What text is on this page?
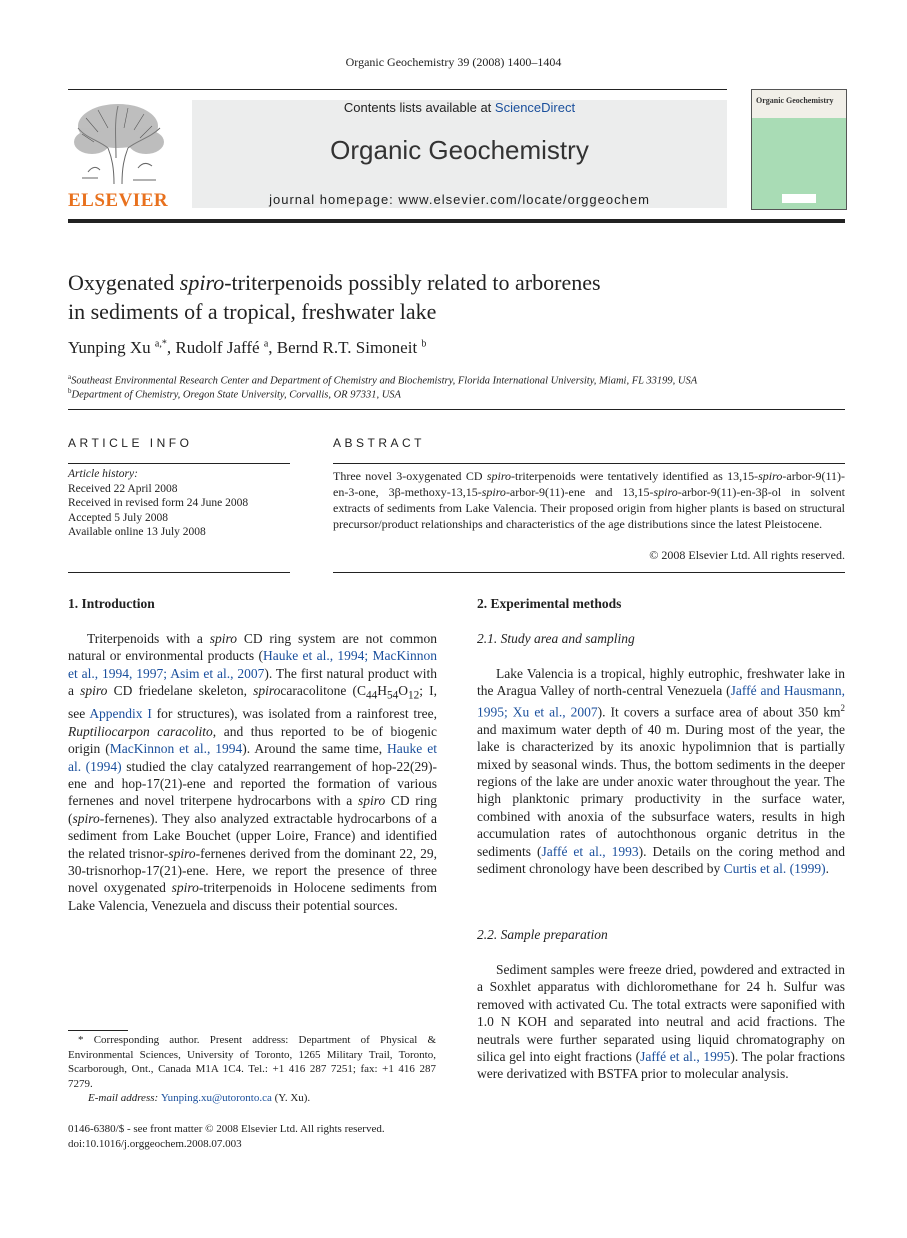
Organic Geochemistry 39 (2008) 1400–1404
ELSEVIER
Contents lists available at ScienceDirect
Organic Geochemistry
journal homepage: www.elsevier.com/locate/orggeochem
Organic Geochemistry
Oxygenated spiro-triterpenoids possibly related to arborenes
in sediments of a tropical, freshwater lake
Yunping Xu $^{a,*}$, Rudolf Jaffé $^a$, Bernd R.T. Simoneit $^b$
$^a$Southeast Environmental Research Center and Department of Chemistry and Biochemistry, Florida International University, Miami, FL 33199, USA
$^b$Department of Chemistry, Oregon State University, Corvallis, OR 97331, USA
ARTICLE INFO	ABSTRACT
Article history:
Received 22 April 2008
Received in revised form 24 June 2008
Accepted 5 July 2008
Available online 13 July 2008
Three novel 3-oxygenated CD spiro-triterpenoids were tentatively identified as 13,15-spiro-arbor-9(11)-en-3-one, 3β-methoxy-13,15-spiro-arbor-9(11)-ene and 13,15-spiro-arbor-9(11)-en-3β-ol in solvent extracts of sediments from Lake Valencia. Their proposed origin from higher plants is based on structural precursor/product relationships and characteristics of the age distributions since the latest Pleistocene.
© 2008 Elsevier Ltd. All rights reserved.
1. Introduction

Triterpenoids with a spiro CD ring system are not common natural or environmental products (Hauke et al., 1994; MacKinnon et al., 1994, 1997; Asim et al., 2007). The first natural product with a spiro CD friedelane skeleton, spirocaracolitone ($C_{44}H_{54}O_{12}$; I, see Appendix I for structures), was isolated from a rainforest tree, Ruptiliocarpon caracolito, and thus reported to be of biogenic origin (MacKinnon et al., 1994). Around the same time, Hauke et al. (1994) studied the clay catalyzed rearrangement of hop-22(29)-ene and hop-17(21)-ene and reported the formation of various fernenes and novel triterpene hydrocarbons with a spiro CD ring (spiro-fernenes). They also analyzed extractable hydrocarbons of a sediment from Lake Bouchet (upper Loire, France) and identified the related trisnor-spiro-fernenes derived from the dominant 22, 29, 30-trisnorhop-17(21)-ene. Here, we report the presence of three novel oxygenated spiro-triterpenoids in Holocene sediments from Lake Valencia, Venezuela and discuss their potential sources.

* Corresponding author. Present address: Department of Physical & Environmental Sciences, University of Toronto, 1265 Military Trail, Toronto, Scarborough, Ont., Canada M1A 1C4. Tel.: +1 416 287 7251; fax: +1 416 287 7279.
E-mail address: Yunping.xu@utoronto.ca (Y. Xu).
0146-6380/$ - see front matter © 2008 Elsevier Ltd. All rights reserved.
doi:10.1016/j.orggeochem.2008.07.003
2. Experimental methods
2.1. Study area and sampling

Lake Valencia is a tropical, highly eutrophic, freshwater lake in the Aragua Valley of north-central Venezuela (Jaffé and Hausmann, 1995; Xu et al., 2007). It covers a surface area of about 350 $km^2$ and maximum water depth of 40 m. During most of the year, the lake is characterized by its anoxic hypolimnion that is partially mixed by seasonal winds. Thus, the bottom sediments in the deeper regions of the lake are under anoxic water throughout the year. The high planktonic primary productivity in the surface water, combined with anoxia of the subsurface waters, results in high accumulation rates of autochthonous organic detritus in the sediments (Jaffé et al., 1993). Details on the coring method and sediment chronology have been described by Curtis et al. (1999).

2.2. Sample preparation

Sediment samples were freeze dried, powdered and extracted in a Soxhlet apparatus with dichloromethane for 24 h. Sulfur was removed with activated Cu. The total extracts were saponified with 1.0 N KOH and separated into neutral and acid fractions. The neutrals were further separated using liquid chromatography on silica gel into eight fractions (Jaffé et al., 1995). The polar fractions were derivatized with BSTFA prior to molecular analysis.
